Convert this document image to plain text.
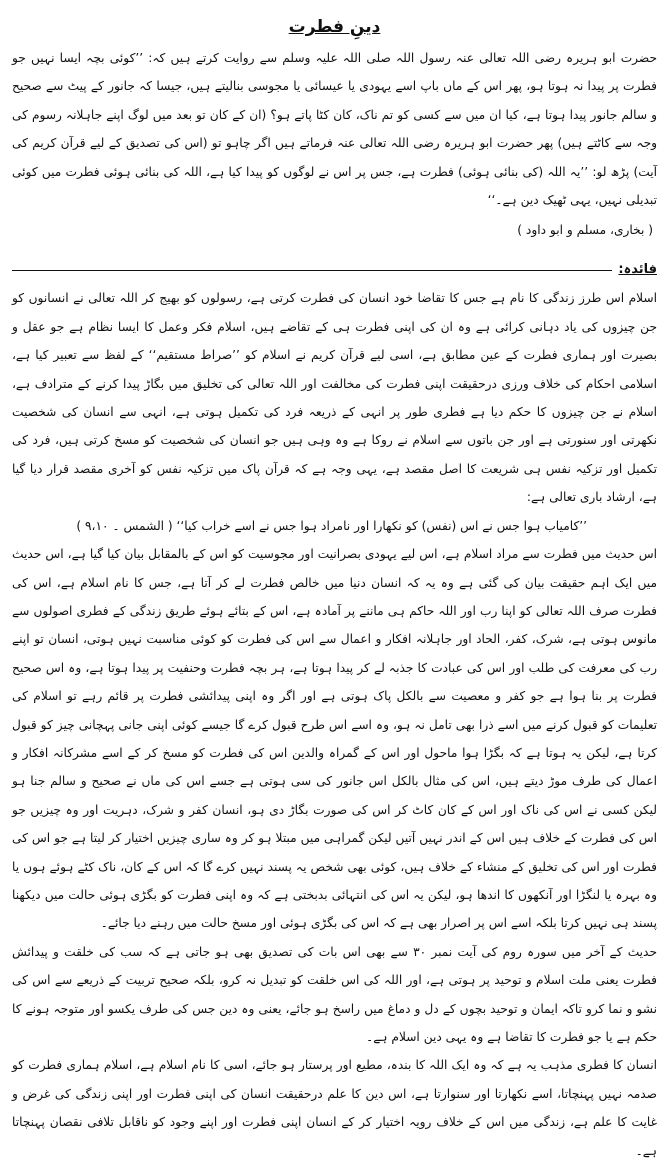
دینِ فطرت

حضرت ابو ہریرہ رضی اللہ تعالی عنہ رسول اللہ صلی اللہ علیہ وسلم سے روایت کرتے ہیں کہ: ’’کوئی بچہ ایسا نہیں جو فطرت پر پیدا نہ ہوتا ہو، پھر اس کے ماں باپ اسے یہودی یا عیسائی یا مجوسی بنالیتے ہیں، جیسا کہ جانور کے پیٹ سے صحیح و سالم جانور پیدا ہوتا ہے، کیا ان میں سے کسی کو تم ناک، کان کٹا پاتے ہو؟ (ان کے کان تو بعد میں لوگ اپنے جاہلانہ رسوم کی وجہ سے کاٹتے ہیں) پھر حضرت ابو ہریرہ رضی اللہ تعالی عنہ فرماتے ہیں اگر چاہو تو (اس کی تصدیق کے لیے قرآن کریم کی آیت) پڑھ لو: ’’یہ اللہ (کی بنائی ہوئی) فطرت ہے، جس پر اس نے لوگوں کو پیدا کیا ہے، اللہ کی بنائی ہوئی فطرت میں کوئی تبدیلی نہیں، یہی ٹھیک دین ہے۔‘‘

( بخاری، مسلم و ابو داود )
فائدہ:

اسلام اس طرز زندگی کا نام ہے جس کا تقاضا خود انسان کی فطرت کرتی ہے، رسولوں کو بھیج کر اللہ تعالی نے انسانوں کو جن چیزوں کی یاد دہانی کرائی ہے وہ ان کی اپنی فطرت ہی کے تقاضے ہیں، اسلام فکر وعمل کا ایسا نظام ہے جو عقل و بصیرت اور ہماری فطرت کے عین مطابق ہے، اسی لیے قرآن کریم نے اسلام کو ’’صراط مستقیم‘‘ کے لفظ سے تعبیر کیا ہے، اسلامی احکام کی خلاف ورزی درحقیقت اپنی فطرت کی مخالفت اور اللہ تعالی کی تخلیق میں بگاڑ پیدا کرنے کے مترادف ہے، اسلام نے جن چیزوں کا حکم دیا ہے فطری طور پر انہی کے ذریعہ فرد کی تکمیل ہوتی ہے، انہی سے انسان کی شخصیت نکھرتی اور سنورتی ہے اور جن باتوں سے اسلام نے روکا ہے وہ وہی ہیں جو انسان کی شخصیت کو مسخ کرتی ہیں، فرد کی تکمیل اور تزکیہ نفس ہی شریعت کا اصل مقصد ہے، یہی وجہ ہے کہ قرآن پاک میں تزکیہ نفس کو آخری مقصد قرار دیا گیا ہے، ارشاد باری تعالی ہے:
’’کامیاب ہوا جس نے اس (نفس) کو نکھارا اور نامراد ہوا جس نے اسے خراب کیا‘‘ ( الشمس ۔ ۹،۱۰ )

اس حدیث میں فطرت سے مراد اسلام ہے، اس لیے یہودی بصرانیت اور مجوسیت کو اس کے بالمقابل بیان کیا گیا ہے، اس حدیث میں ایک اہم حقیقت بیان کی گئی ہے وہ یہ کہ انسان دنیا میں خالص فطرت لے کر آتا ہے، جس کا نام اسلام ہے، اس کی فطرت صرف اللہ تعالی کو اپنا رب اور اللہ حاکم ہی ماننے پر آمادہ ہے، اس کے بتائے ہوئے طریق زندگی کے فطری اصولوں سے مانوس ہوتی ہے، شرک، کفر، الحاد اور جاہلانہ افکار و اعمال سے اس کی فطرت کو کوئی مناسبت نہیں ہوتی، انسان تو اپنے رب کی معرفت کی طلب اور اس کی عبادت کا جذبہ لے کر پیدا ہوتا ہے، ہر بچہ فطرت وحنفیت پر پیدا ہوتا ہے، وہ اس صحیح فطرت پر بنا ہوا ہے جو کفر و معصیت سے بالکل پاک ہوتی ہے اور اگر وہ اپنی پیدائشی فطرت پر قائم رہے تو اسلام کی تعلیمات کو قبول کرنے میں اسے ذرا بھی تامل نہ ہو، وہ اسے اس طرح قبول کرے گا جیسے کوئی اپنی جانی پہچانی چیز کو قبول کرتا ہے، لیکن یہ ہوتا ہے کہ بگڑا ہوا ماحول اور اس کے گمراہ والدین اس کی فطرت کو مسخ کر کے اسے مشرکانہ افکار و اعمال کی طرف موڑ دیتے ہیں، اس کی مثال بالکل اس جانور کی سی ہوتی ہے جسے اس کی ماں نے صحیح و سالم جنا ہو لیکن کسی نے اس کی ناک اور اس کے کان کاٹ کر اس کی صورت بگاڑ دی ہو، انسان کفر و شرک، دہریت اور وہ چیزیں جو اس کی فطرت کے خلاف ہیں اس کے اندر نہیں آتیں لیکن گمراہی میں مبتلا ہو کر وہ ساری چیزیں اختیار کر لیتا ہے جو اس کی فطرت اور اس کی تخلیق کے منشاء کے خلاف ہیں، کوئی بھی شخص یہ پسند نہیں کرے گا کہ اس کے کان، ناک کٹے ہوئے ہوں یا وہ بہرہ یا لنگڑا اور آنکھوں کا اندھا ہو، لیکن یہ اس کی انتہائی بدبختی ہے کہ وہ اپنی فطرت کو بگڑی ہوئی حالت میں دیکھنا پسند ہی نہیں کرتا بلکہ اسے اس پر اصرار بھی ہے کہ اس کی بگڑی ہوئی اور مسخ حالت میں رہنے دیا جائے۔

حدیث کے آخر میں سورہ روم کی آیت نمبر ۳۰ سے بھی اس بات کی تصدیق بھی ہو جاتی ہے کہ سب کی خلقت و پیدائش فطرت یعنی ملت اسلام و توحید پر ہوتی ہے، اور اللہ کی اس خلقت کو تبدیل نہ کرو، بلکہ صحیح تربیت کے ذریعے سے اس کی نشو و نما کرو تاکہ ایمان و توحید بچوں کے دل و دماغ میں راسخ ہو جائے، یعنی وہ دین جس کی طرف یکسو اور متوجہ ہونے کا حکم ہے یا جو فطرت کا تقاضا ہے وہ یہی دین اسلام ہے۔

انسان کا فطری مذہب یہ ہے کہ وہ ایک اللہ کا بندہ، مطیع اور پرستار ہو جائے، اسی کا نام اسلام ہے، اسلام ہماری فطرت کو صدمہ نہیں پہنچاتا، اسے نکھارتا اور سنوارتا ہے، اس دین کا علم درحقیقت انسان کی اپنی فطرت اور اپنی زندگی کی غرض و غایت کا علم ہے، زندگی میں اس کے خلاف رویہ اختیار کر کے انسان اپنی فطرت اور اپنے وجود کو ناقابل تلافی نقصان پہنچاتا ہے۔
